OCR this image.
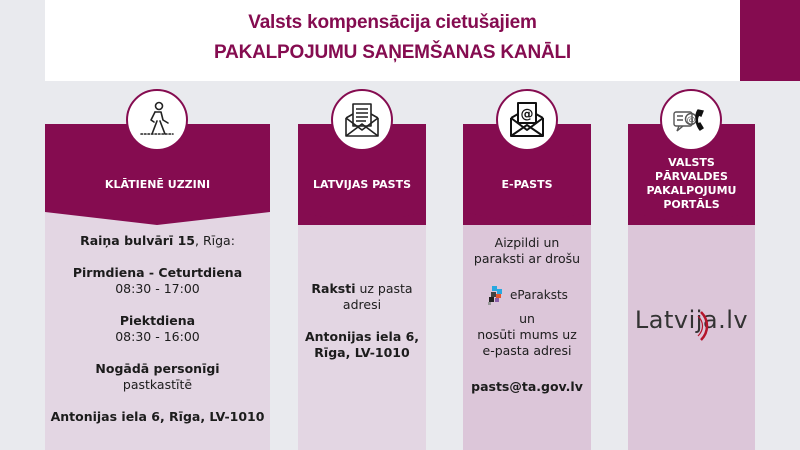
Valsts kompensācija cietušajiem
PAKALPOJUMU SAŅEMŠANAS KANĀLI
KLĀTIENĒ UZZINI

Raiņa bulvārī 15, Rīga:

Pirmdiena - Ceturtdiena

08:30 - 17:00

Piektdiena

08:30 - 16:00

Nogādā personīgi

pastkastītē

Antonijas iela 6, Rīga, LV-1010

LATVIJAS PASTS

Raksti uz pasta

adresi

Antonijas iela 6,

Rīga, LV-1010

@
E-PASTS

Aizpildi un

paraksti ar drošu

eParaksts

un

nosūti mums uz

e-pasta adresi

pasts@ta.gov.lv

@
VALSTS
PĀRVALDES
PAKALPOJUMU
PORTĀLS
Latvija.lv
